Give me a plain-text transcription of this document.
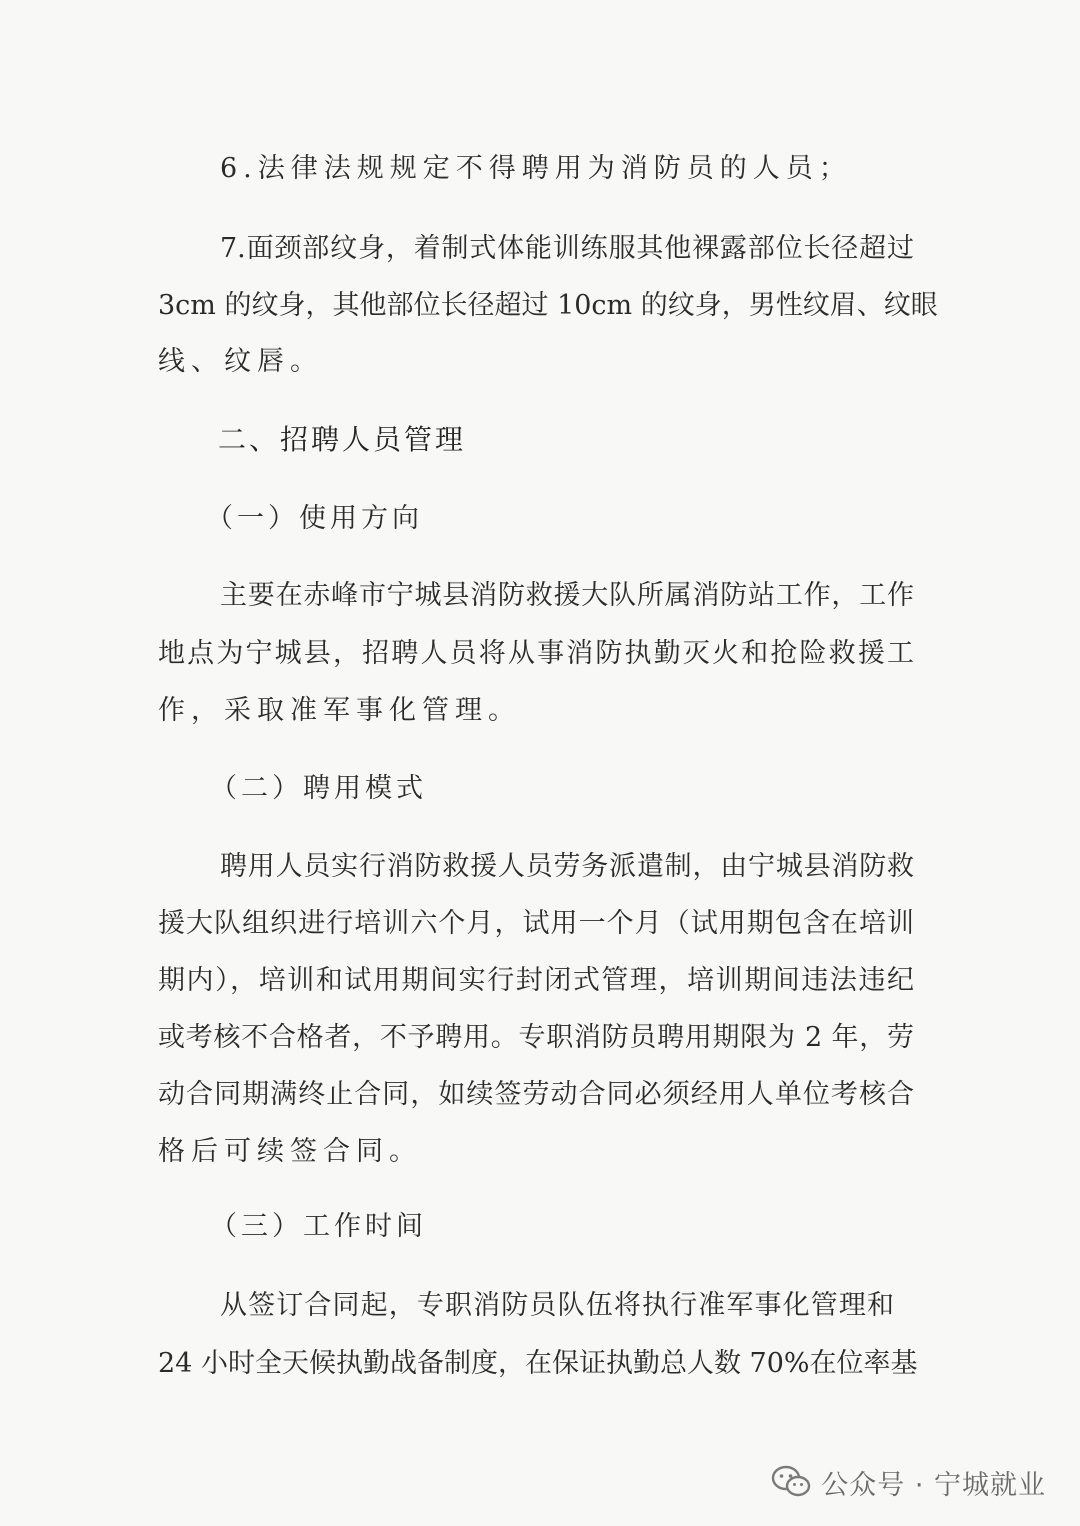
6.法律法规规定不得聘用为消防员的人员；
7.面颈部纹身，着制式体能训练服其他裸露部位长径超过
3cm 的纹身，其他部位长径超过 10cm 的纹身，男性纹眉、纹眼
线、纹唇。
二、招聘人员管理
（一）使用方向
主要在赤峰市宁城县消防救援大队所属消防站工作，工作
地点为宁城县，招聘人员将从事消防执勤灭火和抢险救援工
作，采取准军事化管理。
（二）聘用模式
聘用人员实行消防救援人员劳务派遣制，由宁城县消防救
援大队组织进行培训六个月，试用一个月（试用期包含在培训
期内），培训和试用期间实行封闭式管理，培训期间违法违纪
或考核不合格者，不予聘用。专职消防员聘用期限为 2 年，劳
动合同期满终止合同，如续签劳动合同必须经用人单位考核合
格后可续签合同。
（三）工作时间
从签订合同起，专职消防员队伍将执行准军事化管理和
24 小时全天候执勤战备制度，在保证执勤总人数 70%在位率基
公众号 · 宁城就业
